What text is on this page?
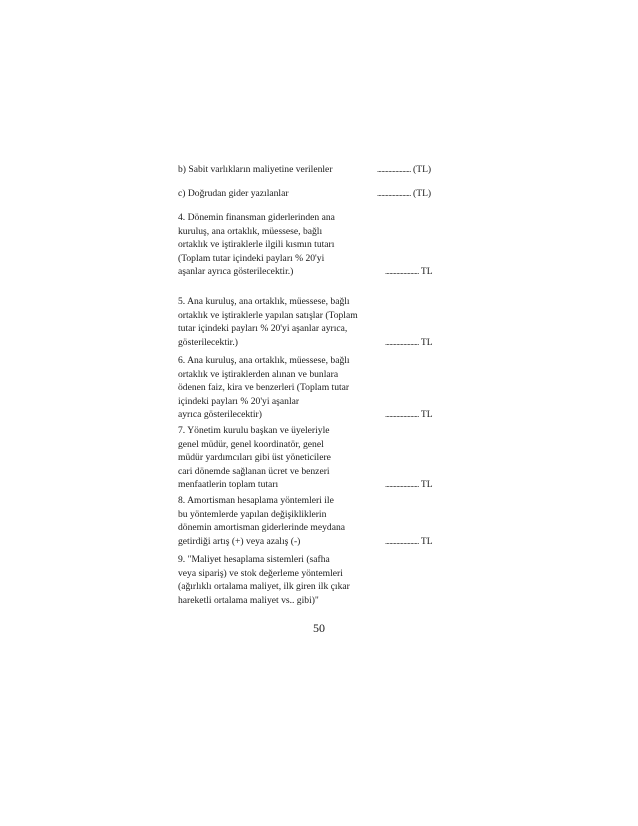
b) Sabit varlıkların maliyetine verilenler	........................ (TL)
c) Doğrudan gider yazılanlar	........................ (TL)
4. Dönemin finansman giderlerinden ana
kuruluş, ana ortaklık, müessese, bağlı
ortaklık ve iştiraklerle ilgili kısmın tutarı
(Toplam tutar içindeki payları % 20'yi
aşanlar ayrıca gösterilecektir.)	........................ TL
5. Ana kuruluş, ana ortaklık, müessese, bağlı
ortaklık ve iştiraklerle yapılan satışlar (Toplam
tutar içindeki payları % 20'yi aşanlar ayrıca,
gösterilecektir.)	........................ TL
6. Ana kuruluş, ana ortaklık, müessese, bağlı
ortaklık ve iştiraklerden alınan ve bunlara
ödenen faiz, kira ve benzerleri (Toplam tutar
içindeki payları % 20'yi aşanlar
ayrıca gösterilecektir)	........................ TL
7. Yönetim kurulu başkan ve üyeleriyle
genel müdür, genel koordinatör, genel
müdür yardımcıları gibi üst yöneticilere
cari dönemde sağlanan ücret ve benzeri
menfaatlerin toplam tutarı	........................ TL
8. Amortisman hesaplama yöntemleri ile
bu yöntemlerde yapılan değişikliklerin
dönemin amortisman giderlerinde meydana
getirdiği artış (+) veya azalış (-)	........................ TL
9. "Maliyet hesaplama sistemleri (safha
veya sipariş) ve stok değerleme yöntemleri
(ağırlıklı ortalama maliyet, ilk giren ilk çıkar
hareketli ortalama maliyet vs.. gibi)"
50
